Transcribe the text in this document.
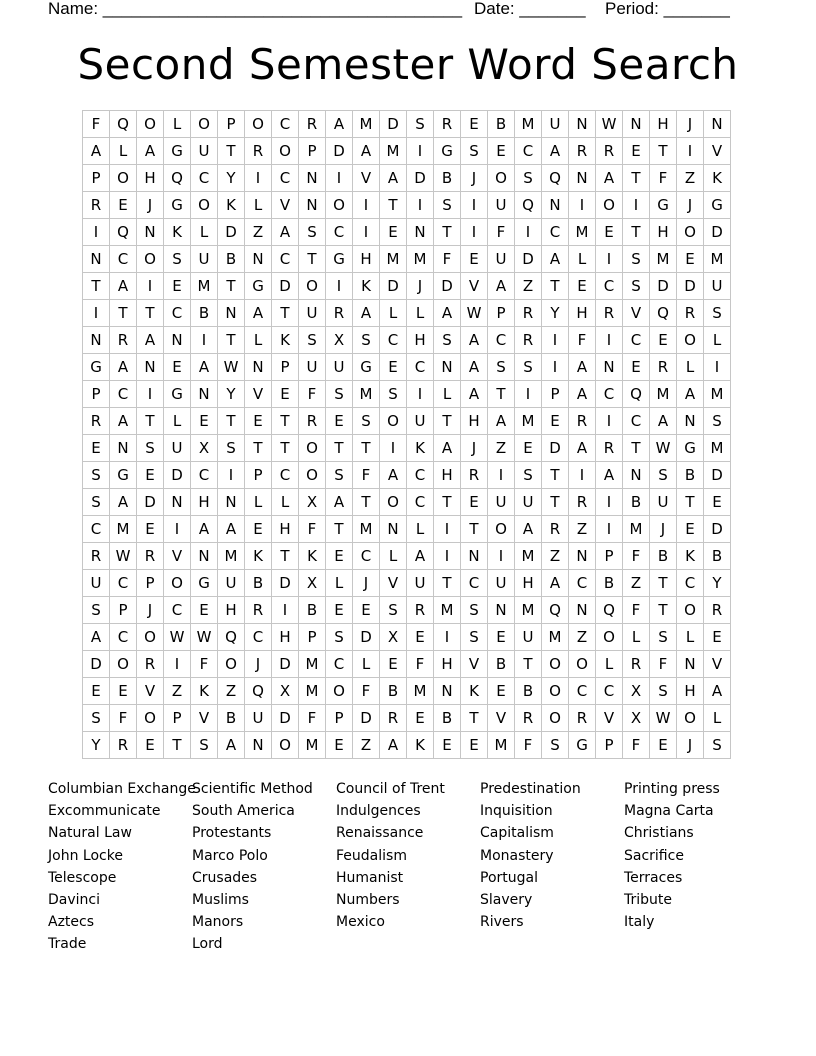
Name: ______________________________________ Date: _______ Period: _______
Second Semester Word Search
F	Q	O	L	O	P	O	C	R	A	M D	S	R	E	B	M	U	N W N	H	J	N
A	L	A	G	U	T	R	O	P	D	A	M	I	G	S	E	C	A	R	R	E	T	I	V
P	O	H	Q	C	Y	I	C	N	I	V	A	D	B	J	O	S	Q	N	A	T	F	Z	K
R	E	J	G	O	K	L	V	N	O	I	T	I	S	I	U	Q	N	I	O	I	G	J	G
I	Q	N	K	L	D	Z	A	S	C	I	E	N	T	I	F	I	C	M	E	T	H	O	D
N	C	O	S	U	B	N	C	T	G	H M M	F	E	U	D	A	L	I	S	M	E	M
T	A	I	E	M	T	G	D	O	I	K	D	J	D	V	A	Z	T	E	C	S	D	D	U
I	T	T	C	B	N	A	T	U	R	A	L	L	A W	P	R	Y	H	R	V	Q	R	S
N	R	A	N	I	T	L	K	S	X	S	C	H	S	A	C	R	I	F	I	C	E	O	L
G	A	N	E	A W N	P	U	U	G	E	C	N	A	S	S	I	A	N	E	R	L	I
P	C	I	G	N	Y	V	E	F	S	M	S	I	L	A	T	I	P	A	C	Q M	A	M
R	A	T	L	E	T	E	T	R	E	S	O	U	T	H	A	M	E	R	I	C	A	N	S
E	N	S	U	X	S	T	T	O	T	T	I	K	A	J	Z	E	D	A	R	T	W G M
S	G	E	D	C	I	P	C	O	S	F	A	C	H	R	I	S	T	I	A	N	S	B	D
S	A	D	N	H	N	L	L	X	A	T	O	C	T	E	U	U	T	R	I	B	U	T	E
C	M	E	I	A	A	E	H	F	T	M N	L	I	T	O	A	R	Z	I	M	J	E	D
R W R	V	N M	K	T	K	E	C	L	A	I	N	I	M	Z	N	P	F	B	K	B
U	C	P	O	G	U	B	D	X	L	J	V	U	T	C	U	H	A	C	B	Z	T	C	Y
S	P	J	C	E	H	R	I	B	E	E	S	R	M	S	N M Q	N	Q	F	T	O	R
A	C	O W W Q	C	H	P	S	D	X	E	I	S	E	U	M	Z	O	L	S	L	E
D	O	R	I	F	O	J	D M	C	L	E	F	H	V	B	T	O	O	L	R	F	N	V
E	E	V	Z	K	Z	Q	X	M O	F	B	M N	K	E	B	O	C	C	X	S	H	A
S	F	O	P	V	B	U	D	F	P	D	R	E	B	T	V	R	O	R	V	X W O	L
Y	R	E	T	S	A	N	O M	E	Z	A	K	E	E	M	F	S	G	P	F	E	J	S
Columbian Exchange
Scientific Method	Council of Trent	Predestination	Printing press
Excommunicate	South America	Indulgences	Inquisition	Magna Carta
Natural Law	Protestants	Renaissance	Capitalism	Christians
John Locke	Marco Polo	Feudalism	Monastery	Sacrifice
Telescope	Crusades	Humanist	Portugal	Terraces
Davinci	Muslims	Numbers	Slavery	Tribute
Aztecs	Manors	Mexico	Rivers	Italy
Trade	Lord
